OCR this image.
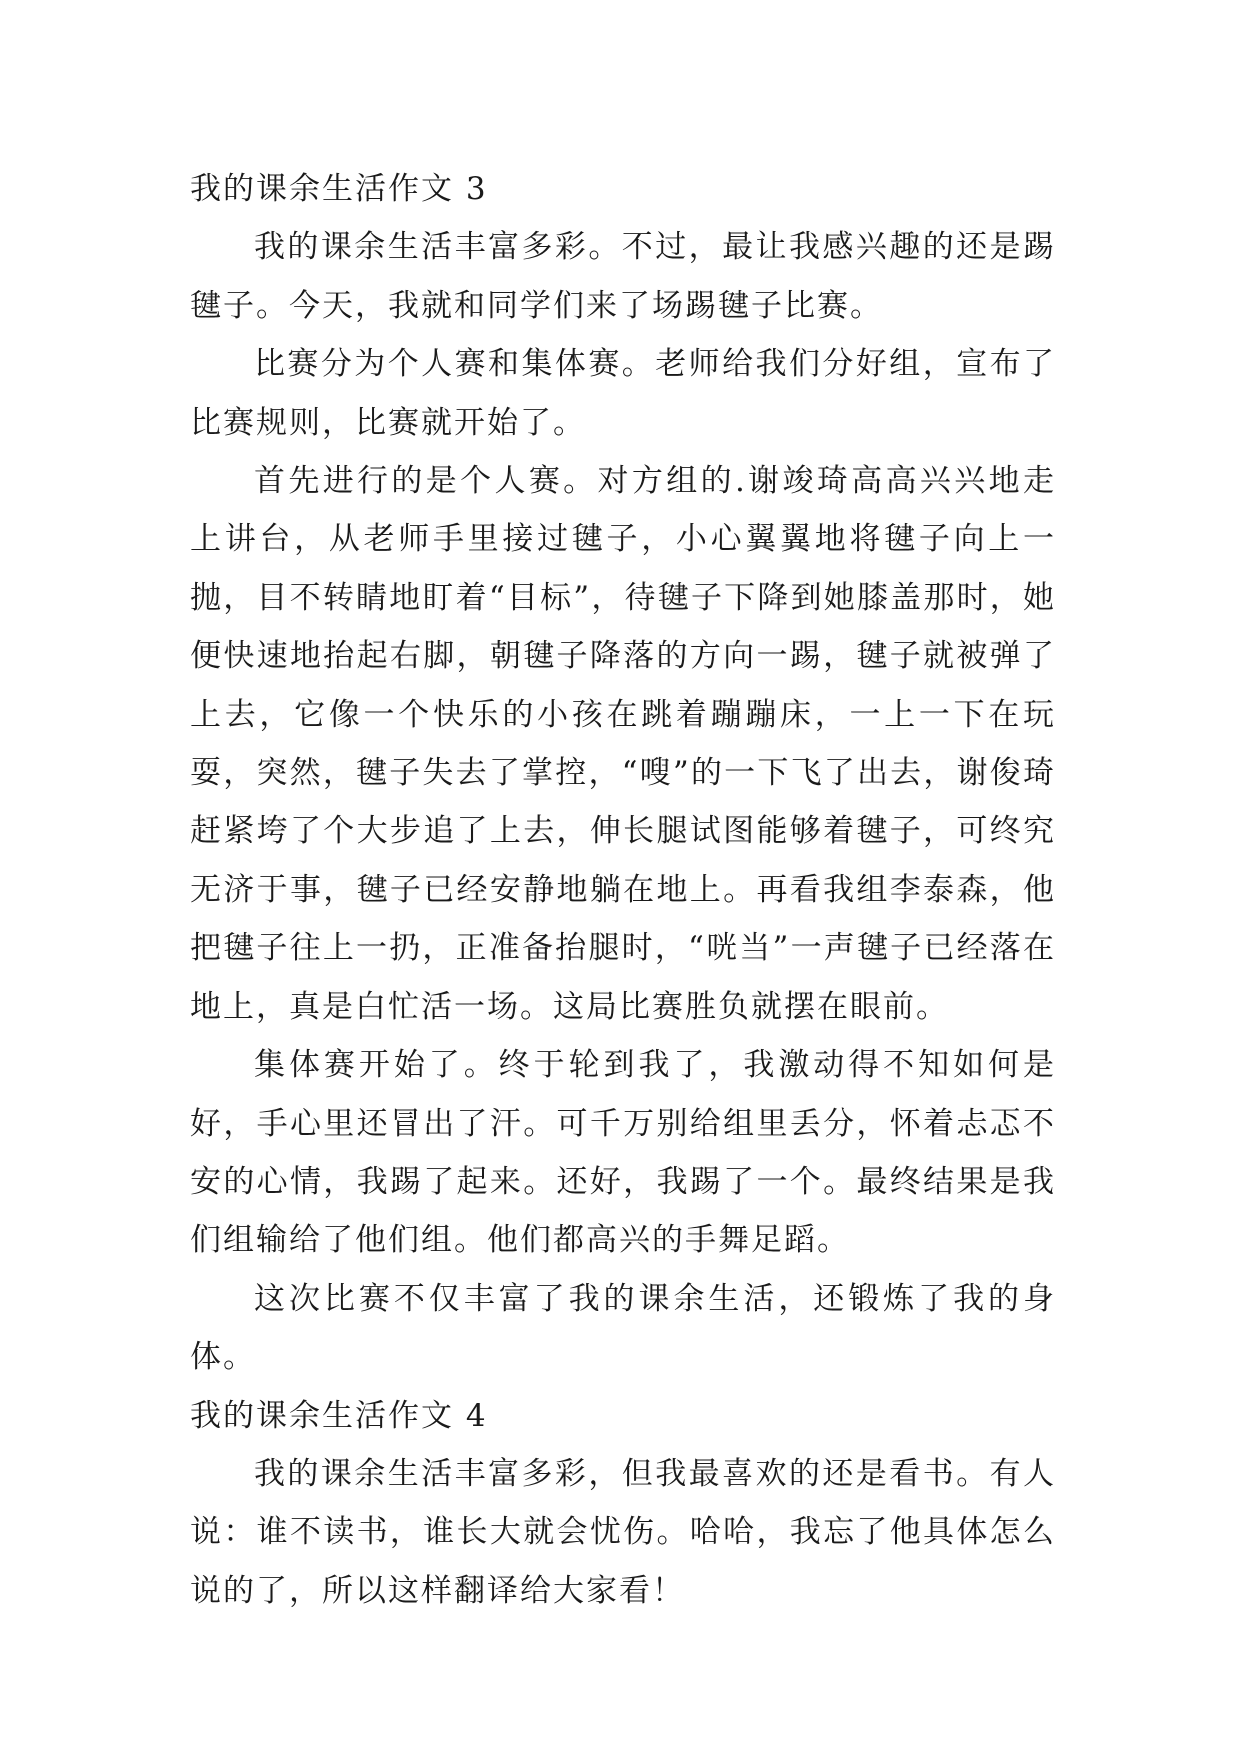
我的课余生活作文 3

我的课余生活丰富多彩。不过，最让我感兴趣的还是踢毽子。今天，我就和同学们来了场踢毽子比赛。

比赛分为个人赛和集体赛。老师给我们分好组，宣布了比赛规则，比赛就开始了。

首先进行的是个人赛。对方组的.谢竣琦高高兴兴地走上讲台，从老师手里接过毽子，小心翼翼地将毽子向上一抛，目不转睛地盯着“目标”，待毽子下降到她膝盖那时，她便快速地抬起右脚，朝毽子降落的方向一踢，毽子就被弹了上去，它像一个快乐的小孩在跳着蹦蹦床，一上一下在玩耍，突然，毽子失去了掌控，“嗖”的一下飞了出去，谢俊琦赶紧垮了个大步追了上去，伸长腿试图能够着毽子，可终究无济于事，毽子已经安静地躺在地上。再看我组李泰森，他把毽子往上一扔，正准备抬腿时，“咣当”一声毽子已经落在地上，真是白忙活一场。这局比赛胜负就摆在眼前。

集体赛开始了。终于轮到我了，我激动得不知如何是好，手心里还冒出了汗。可千万别给组里丢分，怀着忐忑不安的心情，我踢了起来。还好，我踢了一个。最终结果是我们组输给了他们组。他们都高兴的手舞足蹈。

这次比赛不仅丰富了我的课余生活，还锻炼了我的身体。

我的课余生活作文 4

我的课余生活丰富多彩，但我最喜欢的还是看书。有人说：谁不读书，谁长大就会忧伤。哈哈，我忘了他具体怎么说的了，所以这样翻译给大家看！
